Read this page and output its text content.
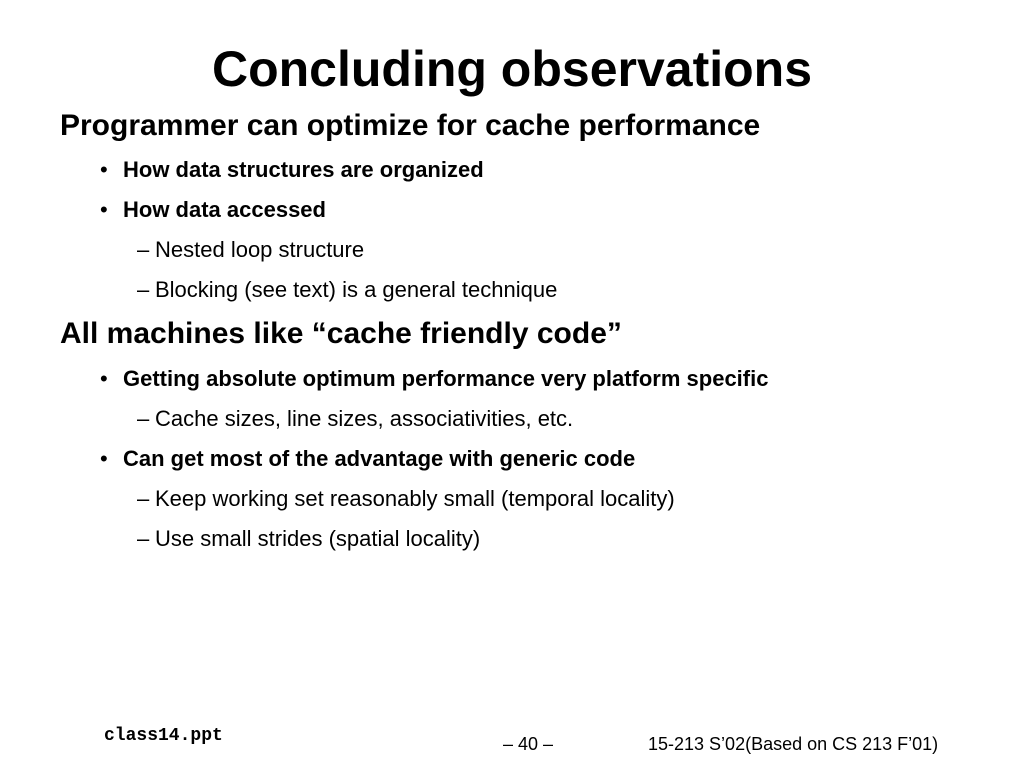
Concluding observations
Programmer can optimize for cache performance
• How data structures are organized
• How data accessed
– Nested loop structure
– Blocking (see text) is a general technique
All machines like “cache friendly code”
• Getting absolute optimum performance very platform specific
– Cache sizes, line sizes, associativities, etc.
• Can get most of the advantage with generic code
– Keep working set reasonably small (temporal locality)
– Use small strides (spatial locality)
class14.ppt	– 40 –	15-213 S’02(Based on CS 213 F’01)
